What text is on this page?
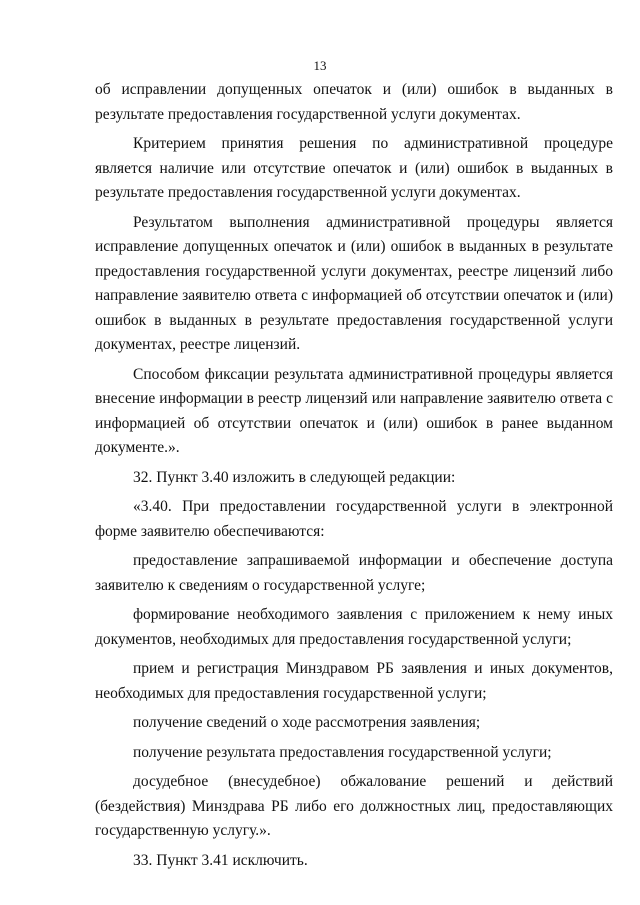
13

об исправлении допущенных опечаток и (или) ошибок в выданных в результате предоставления государственной услуги документах.

Критерием принятия решения по административной процедуре является наличие или отсутствие опечаток и (или) ошибок в выданных в результате предоставления государственной услуги документах.

Результатом выполнения административной процедуры является исправление допущенных опечаток и (или) ошибок в выданных в результате предоставления государственной услуги документах, реестре лицензий либо направление заявителю ответа с информацией об отсутствии опечаток и (или) ошибок в выданных в результате предоставления государственной услуги документах, реестре лицензий.

Способом фиксации результата административной процедуры является внесение информации в реестр лицензий или направление заявителю ответа с информацией об отсутствии опечаток и (или) ошибок в ранее выданном документе.».

32. Пункт 3.40 изложить в следующей редакции:

«3.40. При предоставлении государственной услуги в электронной форме заявителю обеспечиваются:

предоставление запрашиваемой информации и обеспечение доступа заявителю к сведениям о государственной услуге;

формирование необходимого заявления с приложением к нему иных документов, необходимых для предоставления государственной услуги;

прием и регистрация Минздравом РБ заявления и иных документов, необходимых для предоставления государственной услуги;

получение сведений о ходе рассмотрения заявления;

получение результата предоставления государственной услуги;

досудебное (внесудебное) обжалование решений и действий (бездействия) Минздрава РБ либо его должностных лиц, предоставляющих государственную услугу.».

33. Пункт 3.41 исключить.
